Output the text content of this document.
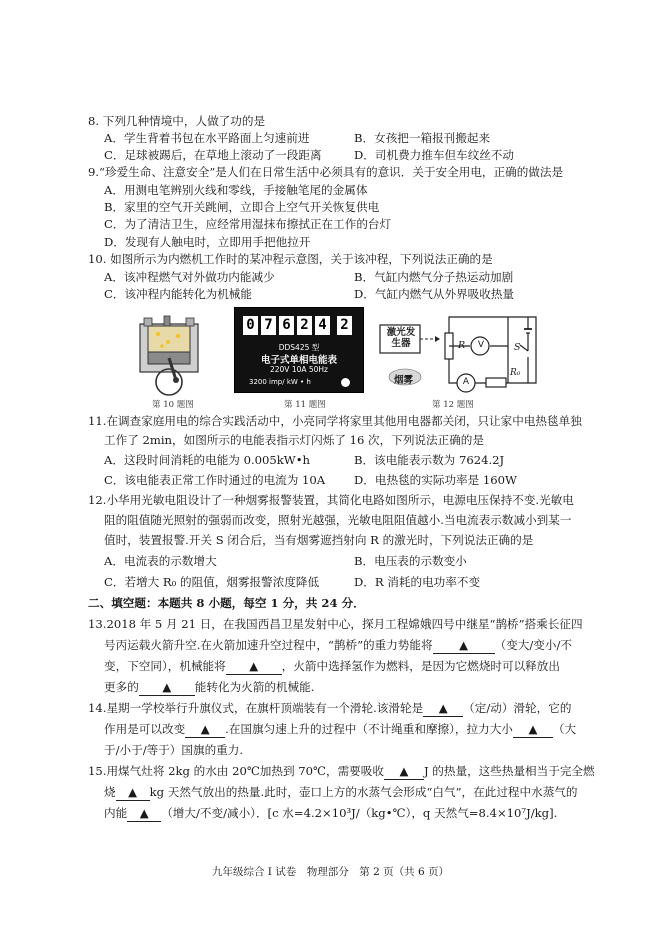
8. 下列几种情境中，人做了功的是
A．学生背着书包在水平路面上匀速前进	B．女孩把一箱报刊搬起来
C．足球被踢后，在草地上滚动了一段距离	D．司机费力推车但车纹丝不动
9.“珍爱生命、注意安全”是人们在日常生活中必须具有的意识．关于安全用电，正确的做法是
A．用测电笔辨别火线和零线，手接触笔尾的金属体
B．家里的空气开关跳闸，立即合上空气开关恢复供电
C．为了清洁卫生，应经常用湿抹布擦拭正在工作的台灯
D．发现有人触电时，立即用手把他拉开
10. 如图所示为内燃机工作时的某冲程示意图，关于该冲程，下列说法正确的是
A．该冲程燃气对外做功内能减少	B．气缸内燃气分子热运动加剧
C．该冲程内能转化为机械能	D．气缸内燃气从外界吸收热量
第 10 题图
0 7 6 2 4 2
DDS425 型
电子式单相电能表
220V 10A 50Hz
3200 imp/ kW • h
第 11 题图
激光发生器
烟雾
R V
A
R₀
S
第 12 题图
11.在调查家庭用电的综合实践活动中，小亮同学将家里其他用电器都关闭，只让家中电热毯单独
工作了 2min，如图所示的电能表指示灯闪烁了 16 次，下列说法正确的是
A．这段时间消耗的电能为 0.005kW•h	B．该电能表示数为 7624.2J
C．该电能表正常工作时通过的电流为 10A D．电热毯的实际功率是 160W
12.小华用光敏电阻设计了一种烟雾报警装置，其简化电路如图所示，电源电压保持不变.光敏电
阻的阻值随光照射的强弱而改变，照射光越强，光敏电阻阻值越小.当电流表示数减小到某一
值时，装置报警.开关 S 闭合后，当有烟雾遮挡射向 R 的激光时，下列说法正确的是
A．电流表的示数增大	B．电压表的示数变小
C．若增大 R₀ 的阻值，烟雾报警浓度降低	D．R 消耗的电功率不变
二、填空题：本题共 8 小题，每空 1 分，共 24 分．
13.2018 年 5 月 21 日，在我国西昌卫星发射中心，探月工程嫦娥四号中继星“鹊桥”搭乘长征四
号丙运载火箭升空.在火箭加速升空过程中，“鹊桥”的重力势能将 ▲ （变大/变小/不
变，下空同），机械能将 ▲ ，火箭中选择氢作为燃料，是因为它燃烧时可以释放出
更多的 ▲ 能转化为火箭的机械能.
14.星期一学校举行升旗仪式，在旗杆顶端装有一个滑轮.该滑轮是 ▲ （定/动）滑轮，它的
作用是可以改变 ▲ .在国旗匀速上升的过程中（不计绳重和摩擦），拉力大小 ▲ （大
于/小于/等于）国旗的重力.
15.用煤气灶将 2kg 的水由 20℃加热到 70℃，需要吸收 ▲ J 的热量，这些热量相当于完全燃
烧 ▲ kg 天然气放出的热量.此时，壶口上方的水蒸气会形成“白气”，在此过程中水蒸气的
内能 ▲ （增大/不变/减小）．[c 水=4.2×10³J/（kg•℃），q 天然气=8.4×10⁷J/kg].
九年级综合 I 试卷　物理部分　第 2 页（共 6 页）
